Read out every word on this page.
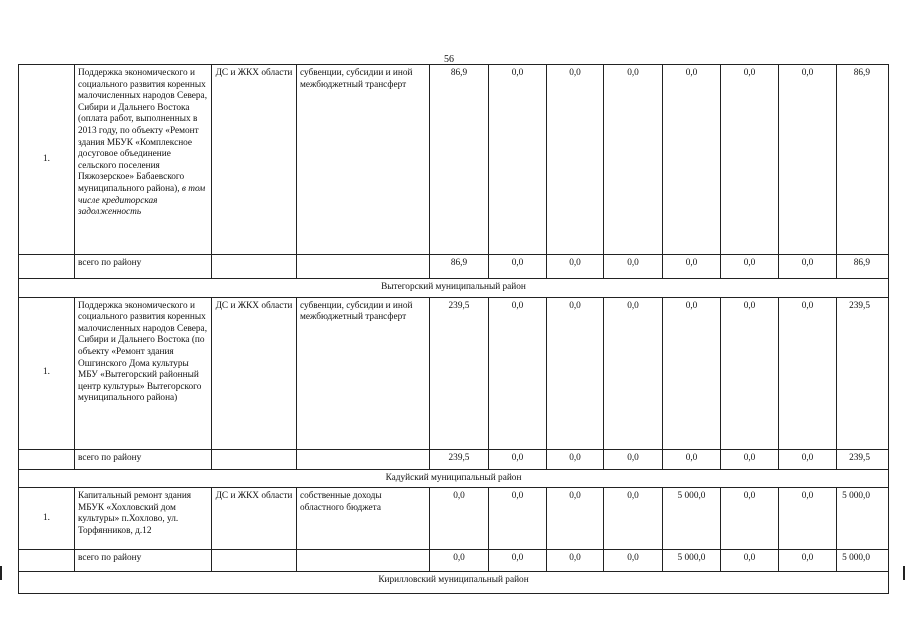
56
1.	Поддержка экономического и социального развития коренных малочисленных народов Севера, Сибири и Дальнего Востока (оплата работ, выполненных в 2013 году, по объекту «Ремонт здания МБУК «Комплексное досуговое объединение сельского поселения Пяжозерское» Бабаевского муниципального района), в том числе кредиторская задолженность	ДС и ЖКХ области	субвенции, субсидии и иной межбюджетный трансферт	86,9	0,0	0,0	0,0	0,0	0,0	0,0	86,9
	всего по району			86,9	0,0	0,0	0,0	0,0	0,0	0,0	86,9
Вытегорский муниципальный район											
1.	Поддержка экономического и социального развития коренных малочисленных народов Севера, Сибири и Дальнего Востока (по объекту «Ремонт здания Ошгинского Дома культуры МБУ «Вытегорский районный центр культуры» Вытегорского муниципального района)	ДС и ЖКХ области	субвенции, субсидии и иной межбюджетный трансферт	239,5	0,0	0,0	0,0	0,0	0,0	0,0	239,5
	всего по району			239,5	0,0	0,0	0,0	0,0	0,0	0,0	239,5
Кадуйский муниципальный район											
1.	Капитальный ремонт здания МБУК «Хохловский дом культуры» п.Хохлово, ул. Торфянников, д.12	ДС и ЖКХ области	собственные доходы областного бюджета	0,0	0,0	0,0	0,0	5 000,0	0,0	0,0	5 000,0
	всего по району			0,0	0,0	0,0	0,0	5 000,0	0,0	0,0	5 000,0
Кирилловский муниципальный район											
